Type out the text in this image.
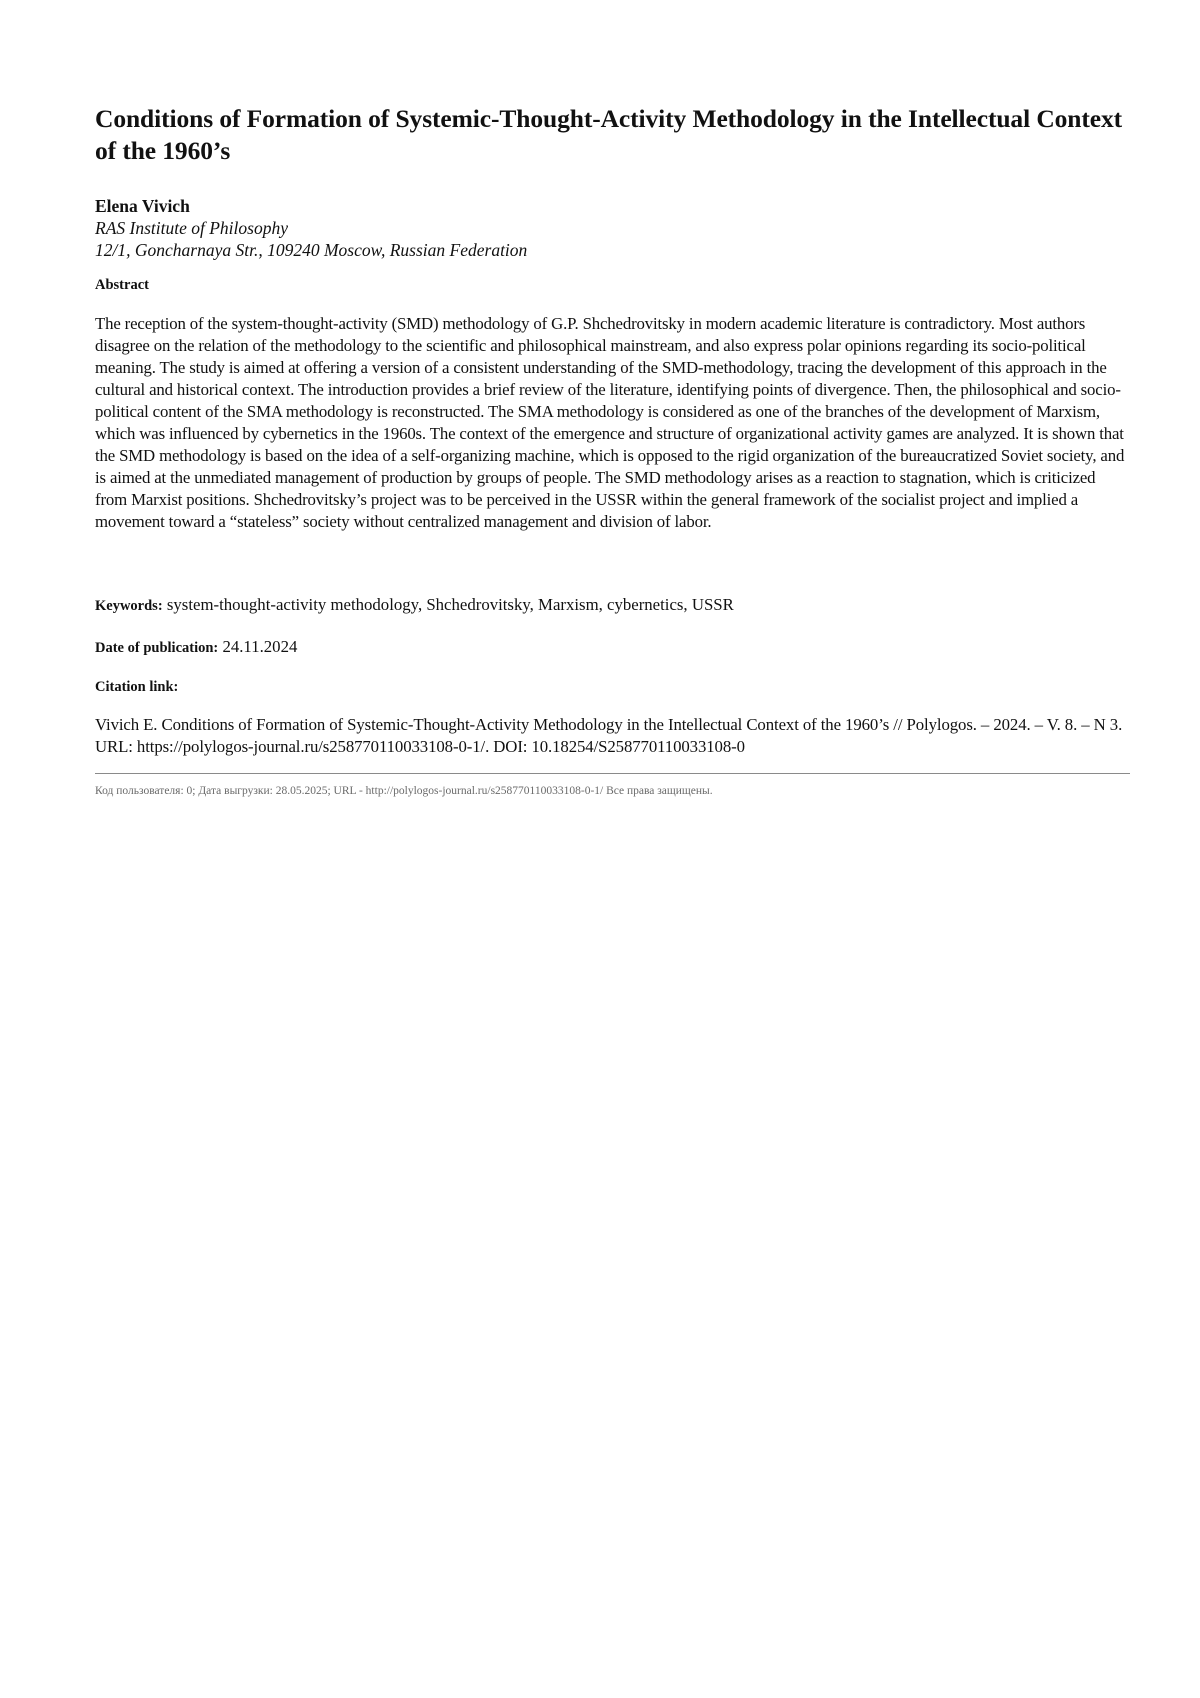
Conditions of Formation of Systemic-Thought-Activity Methodology in the Intellectual Context of the 1960’s
Elena Vivich
RAS Institute of Philosophy
12/1, Goncharnaya Str., 109240 Moscow, Russian Federation
Abstract
The reception of the system-thought-activity (SMD) methodology of G.P. Shchedrovitsky in modern academic literature is contradictory. Most authors disagree on the relation of the methodology to the scientific and philosophical mainstream, and also express polar opinions regarding its socio-political meaning. The study is aimed at offering a version of a consistent understanding of the SMD-methodology, tracing the development of this approach in the cultural and historical context. The introduction provides a brief review of the literature, identifying points of divergence. Then, the philosophical and socio-political content of the SMA methodology is reconstructed. The SMA methodology is considered as one of the branches of the development of Marxism, which was influenced by cybernetics in the 1960s. The context of the emergence and structure of organizational activity games are analyzed. It is shown that the SMD methodology is based on the idea of a self-organizing machine, which is opposed to the rigid organization of the bureaucratized Soviet society, and is aimed at the unmediated management of production by groups of people. The SMD methodology arises as a reaction to stagnation, which is criticized from Marxist positions. Shchedrovitsky’s project was to be perceived in the USSR within the general framework of the socialist project and implied a movement toward a “stateless” society without centralized management and division of labor.
Keywords: system-thought-activity methodology, Shchedrovitsky, Marxism, cybernetics, USSR
Date of publication: 24.11.2024
Citation link:
Vivich E. Conditions of Formation of Systemic-Thought-Activity Methodology in the Intellectual Context of the 1960’s // Polylogos. – 2024. – V. 8. – N 3. URL: https://polylogos-journal.ru/s258770110033108-0-1/. DOI: 10.18254/S258770110033108-0
Код пользователя: 0; Дата выгрузки: 28.05.2025; URL - http://polylogos-journal.ru/s258770110033108-0-1/ Все права защищены.
